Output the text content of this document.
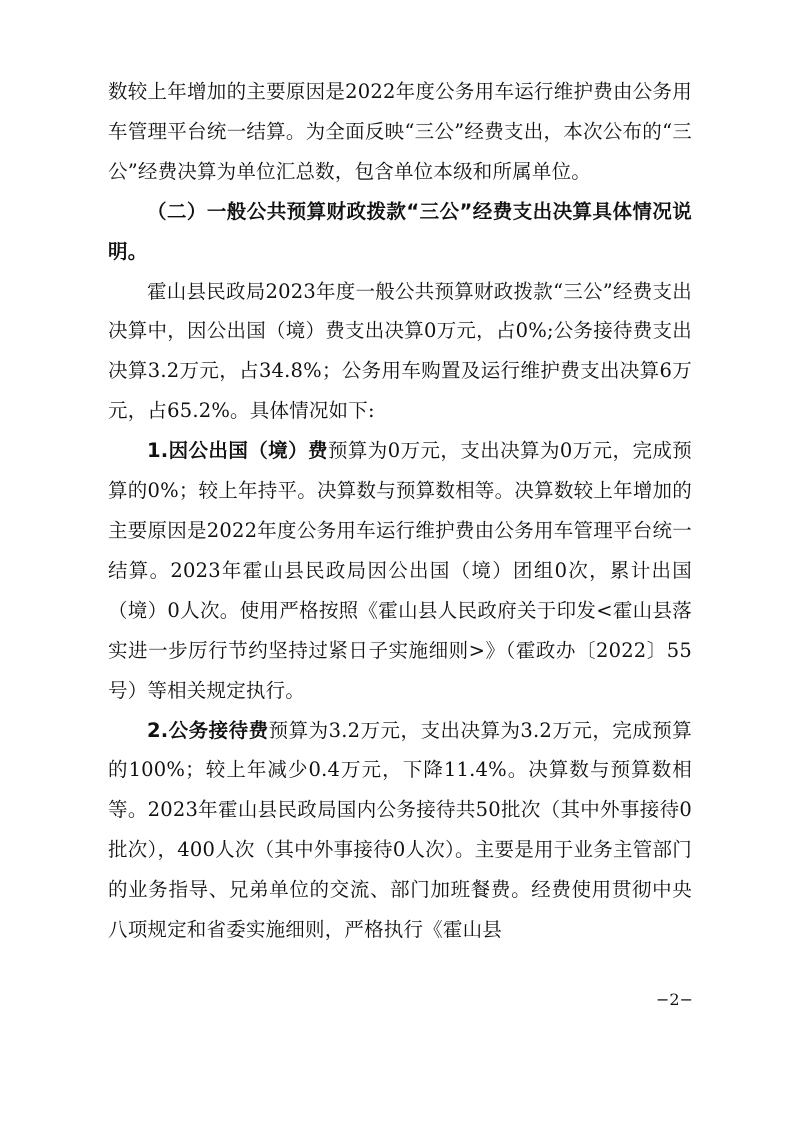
数较上年增加的主要原因是2022年度公务用车运行维护费由公务用车管理平台统一结算。为全面反映“三公”经费支出，本次公布的“三公”经费决算为单位汇总数，包含单位本级和所属单位。

（二）一般公共预算财政拨款“三公”经费支出决算具体情况说明。

霍山县民政局2023年度一般公共预算财政拨款“三公”经费支出决算中，因公出国（境）费支出决算0万元，占0%;公务接待费支出决算3.2万元，占34.8%；公务用车购置及运行维护费支出决算6万元，占65.2%。具体情况如下:

1.因公出国（境）费预算为0万元，支出决算为0万元，完成预算的0%；较上年持平。决算数与预算数相等。决算数较上年增加的主要原因是2022年度公务用车运行维护费由公务用车管理平台统一结算。2023年霍山县民政局因公出国（境）团组0次，累计出国（境）0人次。使用严格按照《霍山县人民政府关于印发<霍山县落实进一步厉行节约坚持过紧日子实施细则>》（霍政办〔2022〕55号）等相关规定执行。

2.公务接待费预算为3.2万元，支出决算为3.2万元，完成预算的100%；较上年减少0.4万元，下降11.4%。决算数与预算数相等。2023年霍山县民政局国内公务接待共50批次（其中外事接待0批次），400人次（其中外事接待0人次）。主要是用于业务主管部门的业务指导、兄弟单位的交流、部门加班餐费。经费使用贯彻中央八项规定和省委实施细则，严格执行《霍山县

−2−
